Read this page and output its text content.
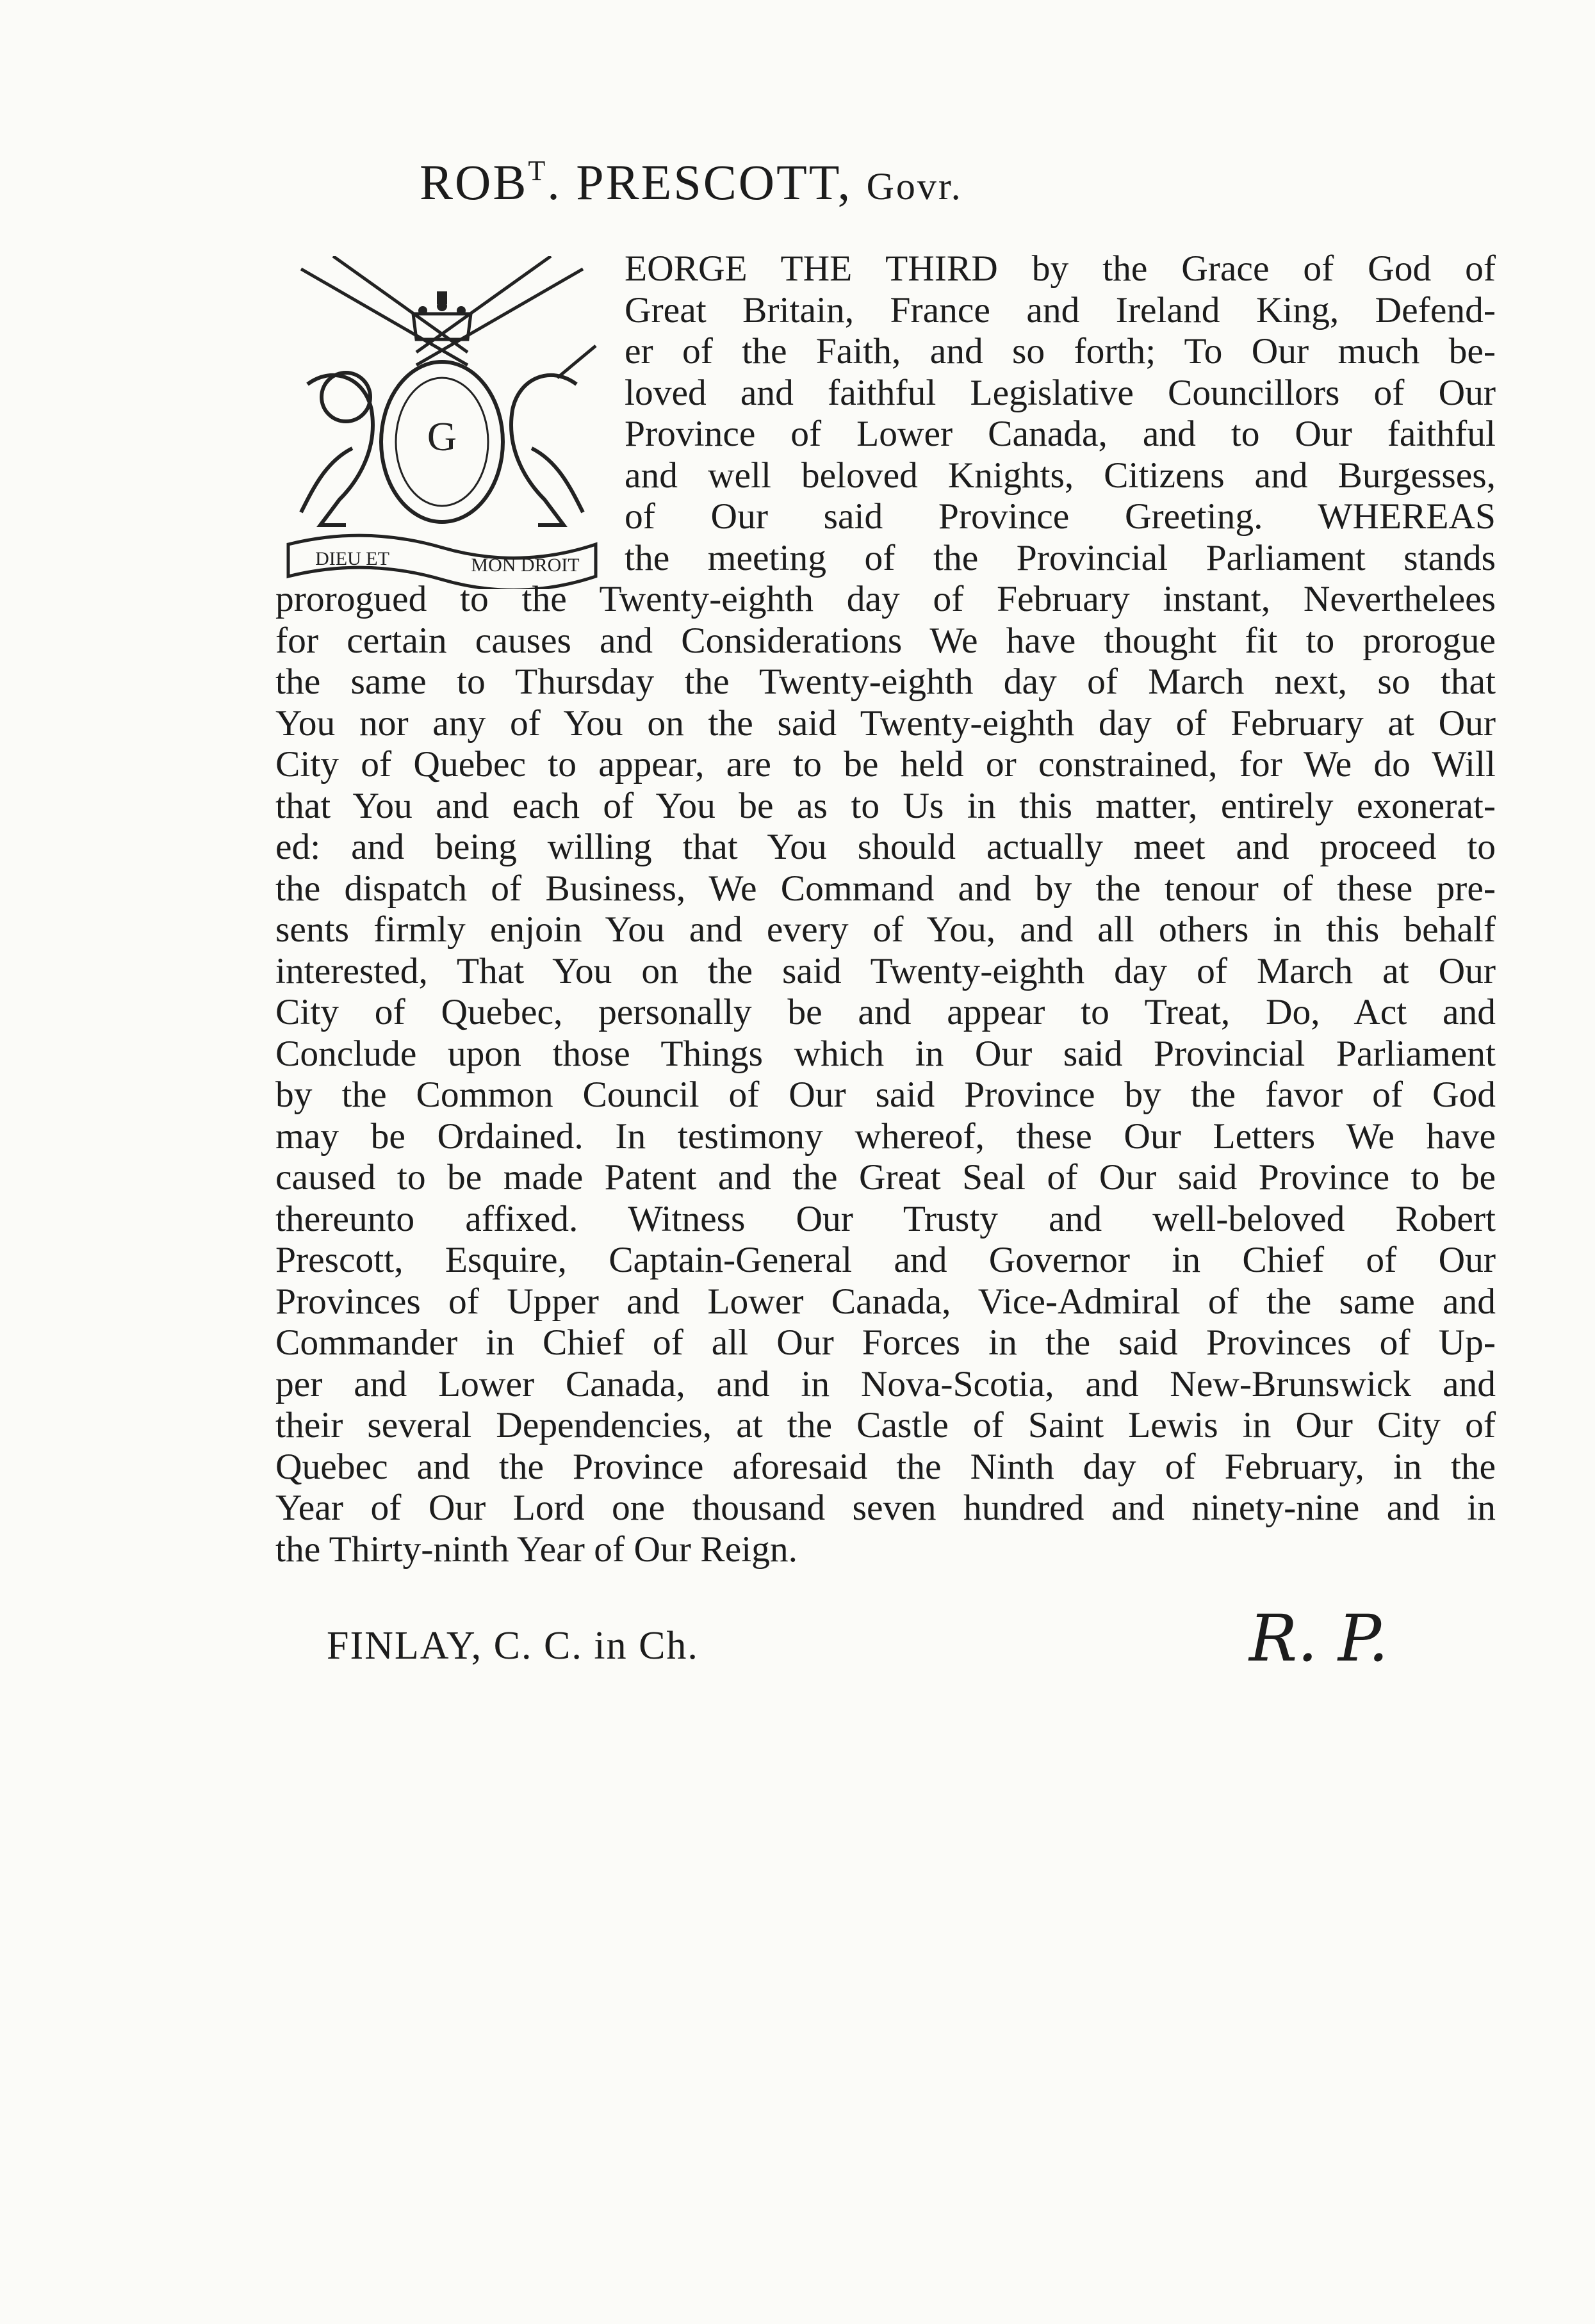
$ROB^T$. PRESCOTT, Govr.
G
DIEU ET	MON DROIT
EORGE THE THIRD by the Grace of God of
Great Britain, France and Ireland King, Defend-
er of the Faith, and so forth; To Our much be-
loved and faithful Legislative Councillors of Our
Province of Lower Canada, and to Our faithful
and well beloved Knights, Citizens and Burgesses,
of Our said Province Greeting. WHEREAS
the meeting of the Provincial Parliament stands
prorogued to the Twenty-eighth day of February instant, Neverthelees
for certain causes and Considerations We have thought fit to prorogue
the same to Thursday the Twenty-eighth day of March next, so that
You nor any of You on the said Twenty-eighth day of February at Our
City of Quebec to appear, are to be held or constrained, for We do Will
that You and each of You be as to Us in this matter, entirely exonerat-
ed: and being willing that You should actually meet and proceed to
the dispatch of Business, We Command and by the tenour of these pre-
sents firmly enjoin You and every of You, and all others in this behalf
interested, That You on the said Twenty-eighth day of March at Our
City of Quebec, personally be and appear to Treat, Do, Act and
Conclude upon those Things which in Our said Provincial Parliament
by the Common Council of Our said Province by the favor of God
may be Ordained. In testimony whereof, these Our Letters We have
caused to be made Patent and the Great Seal of Our said Province to be
thereunto affixed. Witness Our Trusty and well-beloved Robert
Prescott, Esquire, Captain-General and Governor in Chief of Our
Provinces of Upper and Lower Canada, Vice-Admiral of the same and
Commander in Chief of all Our Forces in the said Provinces of Up-
per and Lower Canada, and in Nova-Scotia, and New-Brunswick and
their several Dependencies, at the Castle of Saint Lewis in Our City of
Quebec and the Province aforesaid the Ninth day of February, in the
Year of Our Lord one thousand seven hundred and ninety-nine and in
the Thirty-ninth Year of Our Reign.
FINLAY, C. C. in Ch.	R. P.
